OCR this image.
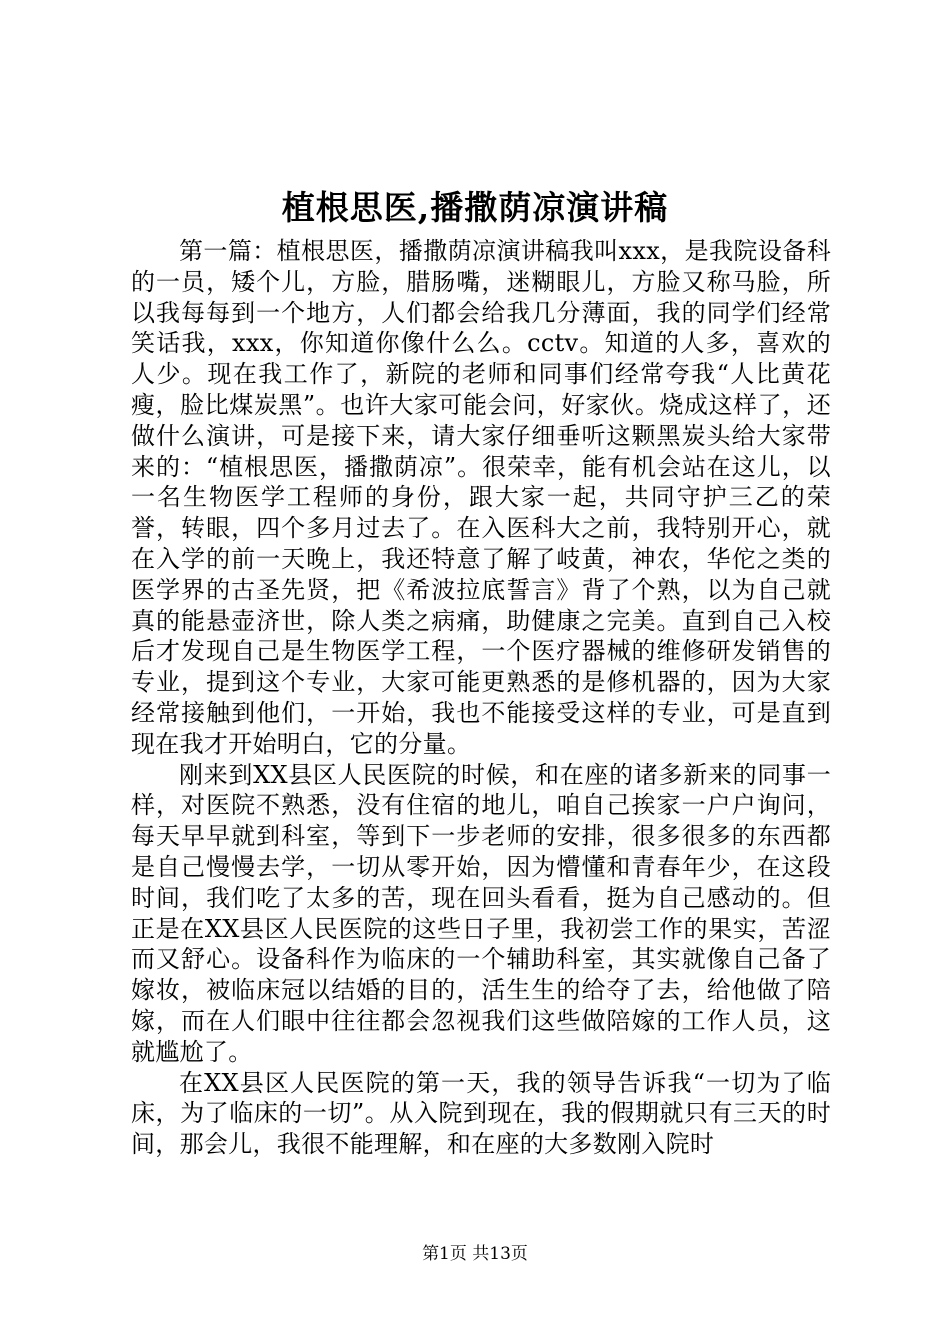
植根思医,播撒荫凉演讲稿

第一篇：植根思医，播撒荫凉演讲稿我叫xxx，是我院设备科的一员，矮个儿，方脸，腊肠嘴，迷糊眼儿，方脸又称马脸，所以我每每到一个地方，人们都会给我几分薄面，我的同学们经常笑话我，xxx，你知道你像什么么。cctv。知道的人多，喜欢的人少。现在我工作了，新院的老师和同事们经常夸我“人比黄花瘦，脸比煤炭黑”。也许大家可能会问，好家伙。烧成这样了，还做什么演讲，可是接下来，请大家仔细垂听这颗黑炭头给大家带来的：“植根思医，播撒荫凉”。很荣幸，能有机会站在这儿，以一名生物医学工程师的身份，跟大家一起，共同守护三乙的荣誉，转眼，四个多月过去了。在入医科大之前，我特别开心，就在入学的前一天晚上，我还特意了解了岐黄，神农，华佗之类的医学界的古圣先贤，把《希波拉底誓言》背了个熟，以为自己就真的能悬壶济世，除人类之病痛，助健康之完美。直到自己入校后才发现自己是生物医学工程，一个医疗器械的维修研发销售的专业，提到这个专业，大家可能更熟悉的是修机器的，因为大家经常接触到他们，一开始，我也不能接受这样的专业，可是直到现在我才开始明白，它的分量。

刚来到XX县区人民医院的时候，和在座的诸多新来的同事一样，对医院不熟悉，没有住宿的地儿，咱自己挨家一户户询问，每天早早就到科室，等到下一步老师的安排，很多很多的东西都是自己慢慢去学，一切从零开始，因为懵懂和青春年少，在这段时间，我们吃了太多的苦，现在回头看看，挺为自己感动的。但正是在XX县区人民医院的这些日子里，我初尝工作的果实，苦涩而又舒心。设备科作为临床的一个辅助科室，其实就像自己备了嫁妆，被临床冠以结婚的目的，活生生的给夺了去，给他做了陪嫁，而在人们眼中往往都会忽视我们这些做陪嫁的工作人员，这就尴尬了。

在XX县区人民医院的第一天，我的领导告诉我“一切为了临床，为了临床的一切”。从入院到现在，我的假期就只有三天的时间，那会儿，我很不能理解，和在座的大多数刚入院时

第1页 共13页
